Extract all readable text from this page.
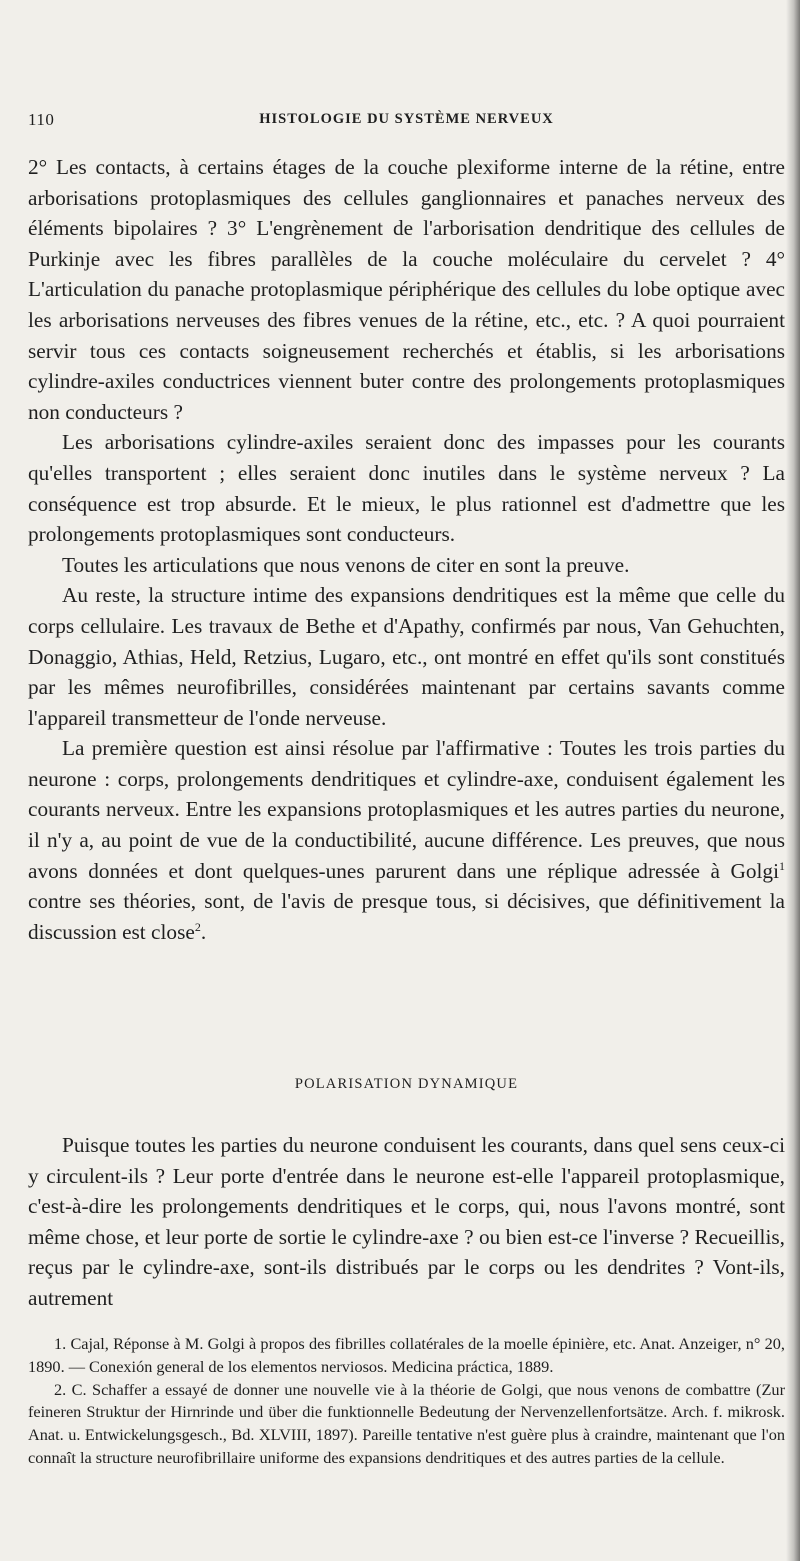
110	HISTOLOGIE DU SYSTÈME NERVEUX

2° Les contacts, à certains étages de la couche plexiforme interne de la rétine, entre arborisations protoplasmiques des cellules ganglionnaires et panaches nerveux des éléments bipolaires ? 3° L'engrènement de l'arborisation dendritique des cellules de Purkinje avec les fibres parallèles de la couche moléculaire du cervelet ? 4° L'articulation du panache protoplasmique périphérique des cellules du lobe optique avec les arborisations nerveuses des fibres venues de la rétine, etc., etc. ? A quoi pourraient servir tous ces contacts soigneusement recherchés et établis, si les arborisations cylindre-axiles conductrices viennent buter contre des prolongements protoplasmiques non conducteurs ?

Les arborisations cylindre-axiles seraient donc des impasses pour les courants qu'elles transportent ; elles seraient donc inutiles dans le système nerveux ? La conséquence est trop absurde. Et le mieux, le plus rationnel est d'admettre que les prolongements protoplasmiques sont conducteurs.

Toutes les articulations que nous venons de citer en sont la preuve.

Au reste, la structure intime des expansions dendritiques est la même que celle du corps cellulaire. Les travaux de Bethe et d'Apathy, confirmés par nous, Van Gehuchten, Donaggio, Athias, Held, Retzius, Lugaro, etc., ont montré en effet qu'ils sont constitués par les mêmes neurofibrilles, considérées maintenant par certains savants comme l'appareil transmetteur de l'onde nerveuse.

La première question est ainsi résolue par l'affirmative : Toutes les trois parties du neurone : corps, prolongements dendritiques et cylindre-axe, conduisent également les courants nerveux. Entre les expansions protoplasmiques et les autres parties du neurone, il n'y a, au point de vue de la conductibilité, aucune différence. Les preuves, que nous avons données et dont quelques-unes parurent dans une réplique adressée à Golgi$^1$ contre ses théories, sont, de l'avis de presque tous, si décisives, que définitivement la discussion est close$^2$.

POLARISATION DYNAMIQUE

Puisque toutes les parties du neurone conduisent les courants, dans quel sens ceux-ci y circulent-ils ? Leur porte d'entrée dans le neurone est-elle l'appareil protoplasmique, c'est-à-dire les prolongements dendritiques et le corps, qui, nous l'avons montré, sont même chose, et leur porte de sortie le cylindre-axe ? ou bien est-ce l'inverse ? Recueillis, reçus par le cylindre-axe, sont-ils distribués par le corps ou les dendrites ? Vont-ils, autrement

1. Cajal, Réponse à M. Golgi à propos des fibrilles collatérales de la moelle épinière, etc. Anat. Anzeiger, n° 20, 1890. — Conexión general de los elementos nerviosos. Medicina práctica, 1889.

2. C. Schaffer a essayé de donner une nouvelle vie à la théorie de Golgi, que nous venons de combattre (Zur feineren Struktur der Hirnrinde und über die funktionnelle Bedeutung der Nervenzellenfortsätze. Arch. f. mikrosk. Anat. u. Entwickelungsgesch., Bd. XLVIII, 1897). Pareille tentative n'est guère plus à craindre, maintenant que l'on connaît la structure neurofibrillaire uniforme des expansions dendritiques et des autres parties de la cellule.
